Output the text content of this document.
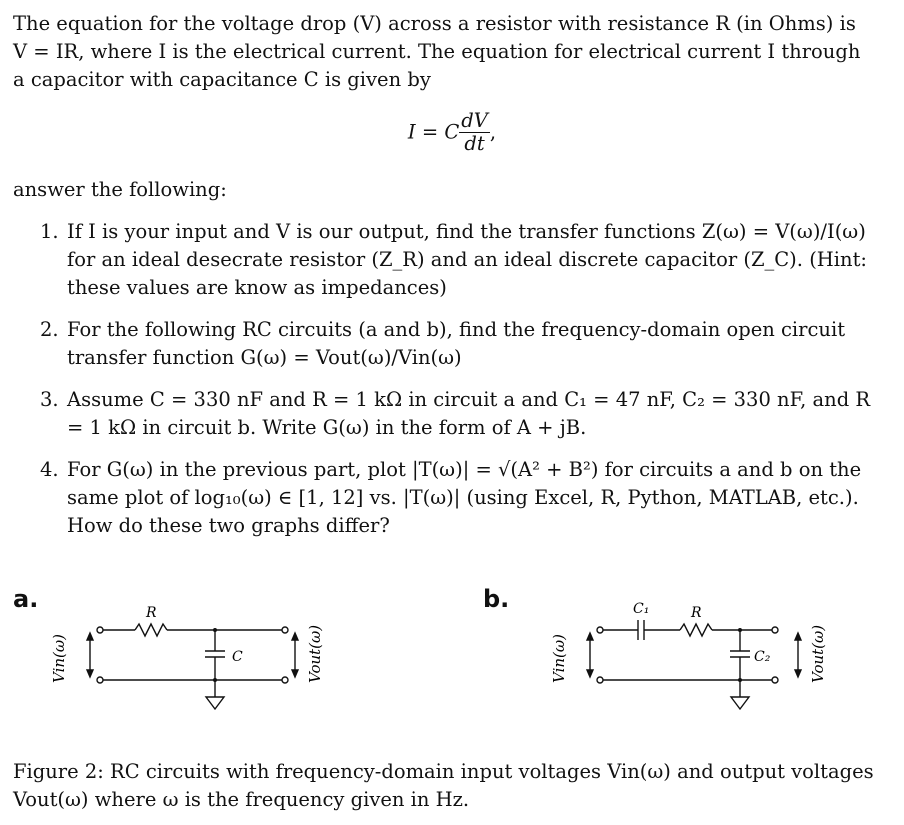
The equation for the voltage drop (V) across a resistor with resistance R (in Ohms) is V = IR, where I is the electrical current. The equation for electrical current I through a capacitor with capacitance C is given by
I = C $\frac{dV}{dt}$ ,
answer the following:
1. If I is your input and V is our output, find the transfer functions Z(ω) = V(ω)/I(ω) for an ideal desecrate resistor (Z_R) and an ideal discrete capacitor (Z_C). (Hint: these values are know as impedances)
2. For the following RC circuits (a and b), find the frequency-domain open circuit transfer function G(ω) = Vout(ω)/Vin(ω)
3. Assume C = 330 nF and R = 1 kΩ in circuit a and C₁ = 47 nF, C₂ = 330 nF, and R = 1 kΩ in circuit b. Write G(ω) in the form of A + jB.
4. For G(ω) in the previous part, plot |T(ω)| = √(A² + B²) for circuits a and b on the same plot of log₁₀(ω) ∈ [1, 12] vs. |T(ω)| (using Excel, R, Python, MATLAB, etc.). How do these two graphs differ?
a.	b.
R
C
Vin(ω)	Vout(ω)
C₁	R
C₂
Vin(ω)	Vout(ω)
Figure 2: RC circuits with frequency-domain input voltages Vin(ω) and output voltages Vout(ω) where ω is the frequency given in Hz.
